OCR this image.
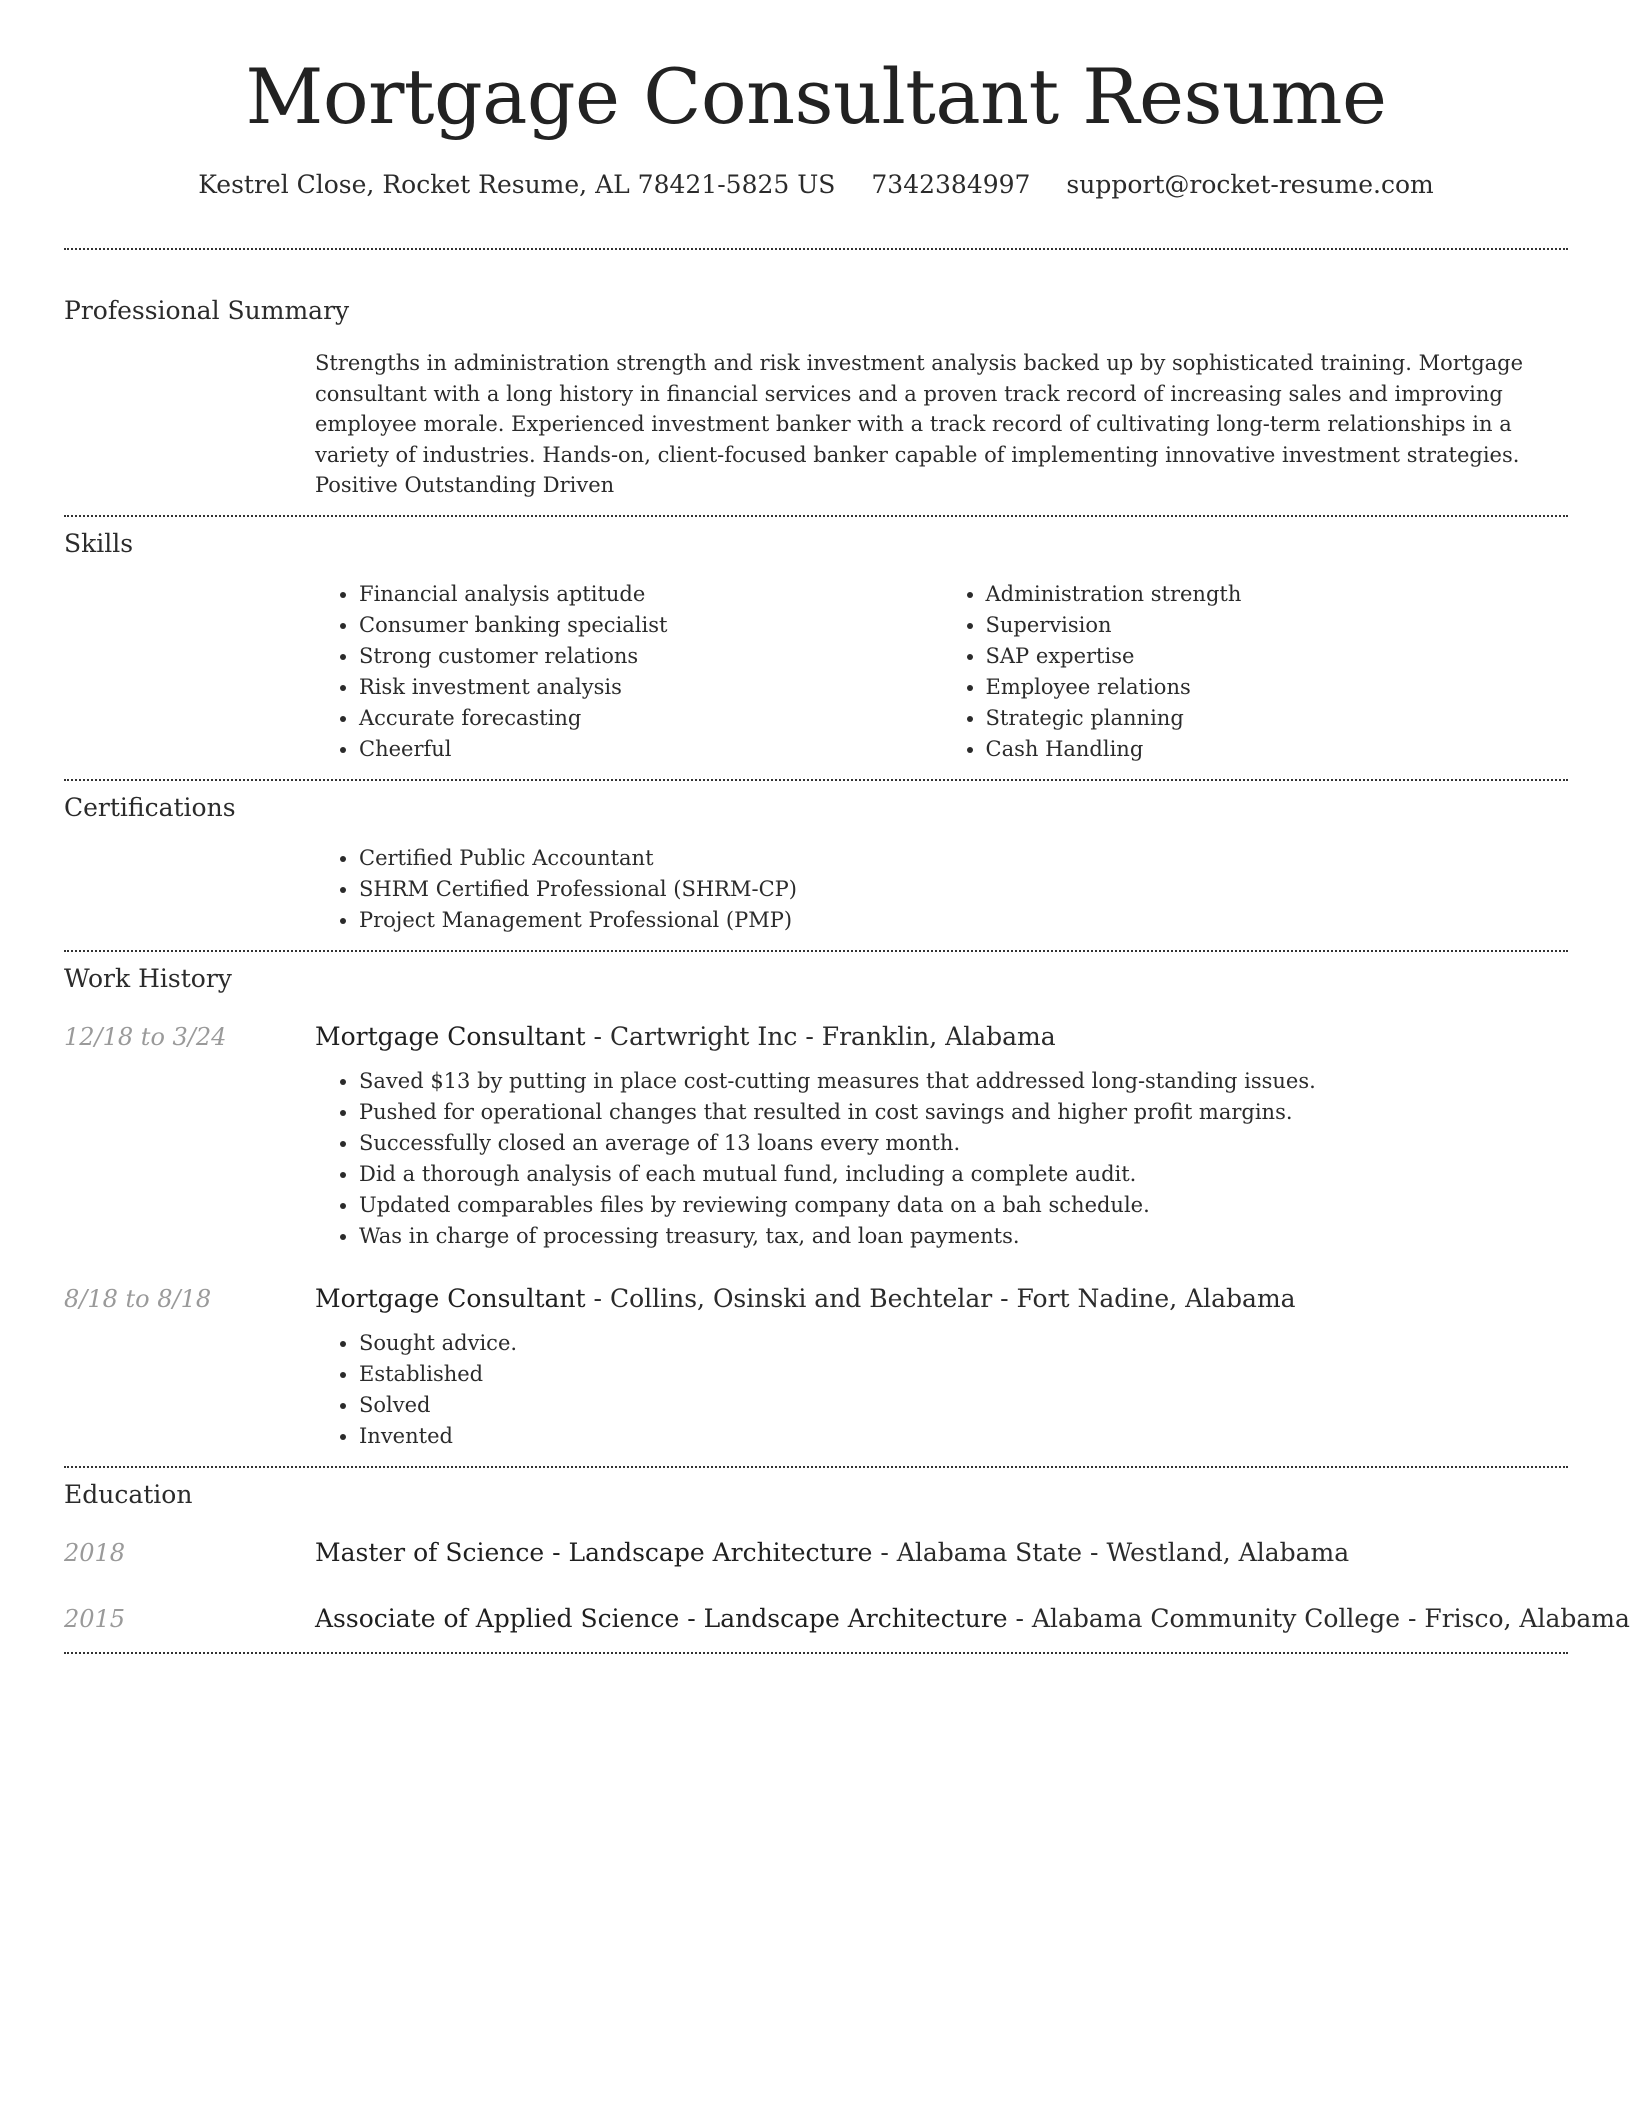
Mortgage Consultant Resume
Kestrel Close, Rocket Resume, AL 78421-5825 US 7342384997 support@rocket-resume.com
Professional Summary

Strengths in administration strength and risk investment analysis backed up by sophisticated training. Mortgage consultant with a long history in financial services and a proven track record of increasing sales and improving employee morale. Experienced investment banker with a track record of cultivating long-term relationships in a variety of industries. Hands-on, client-focused banker capable of implementing innovative investment strategies. Positive Outstanding Driven

Skills
• Financial analysis aptitude
• Consumer banking specialist
• Strong customer relations
• Risk investment analysis
• Accurate forecasting
• Cheerful
• Administration strength
• Supervision
• SAP expertise
• Employee relations
• Strategic planning
• Cash Handling
Certifications
• Certified Public Accountant
• SHRM Certified Professional (SHRM-CP)
• Project Management Professional (PMP)
Work History
12/18 to 3/24	Mortgage Consultant - Cartwright Inc - Franklin, Alabama
• Saved $13 by putting in place cost-cutting measures that addressed long-standing issues.
• Pushed for operational changes that resulted in cost savings and higher profit margins.
• Successfully closed an average of 13 loans every month.
• Did a thorough analysis of each mutual fund, including a complete audit.
• Updated comparables files by reviewing company data on a bah schedule.
• Was in charge of processing treasury, tax, and loan payments.
8/18 to 8/18	Mortgage Consultant - Collins, Osinski and Bechtelar - Fort Nadine, Alabama
• Sought advice.
• Established
• Solved
• Invented
Education
2018	Master of Science - Landscape Architecture - Alabama State - Westland, Alabama
2015	Associate of Applied Science - Landscape Architecture - Alabama Community College - Frisco, Alabama
